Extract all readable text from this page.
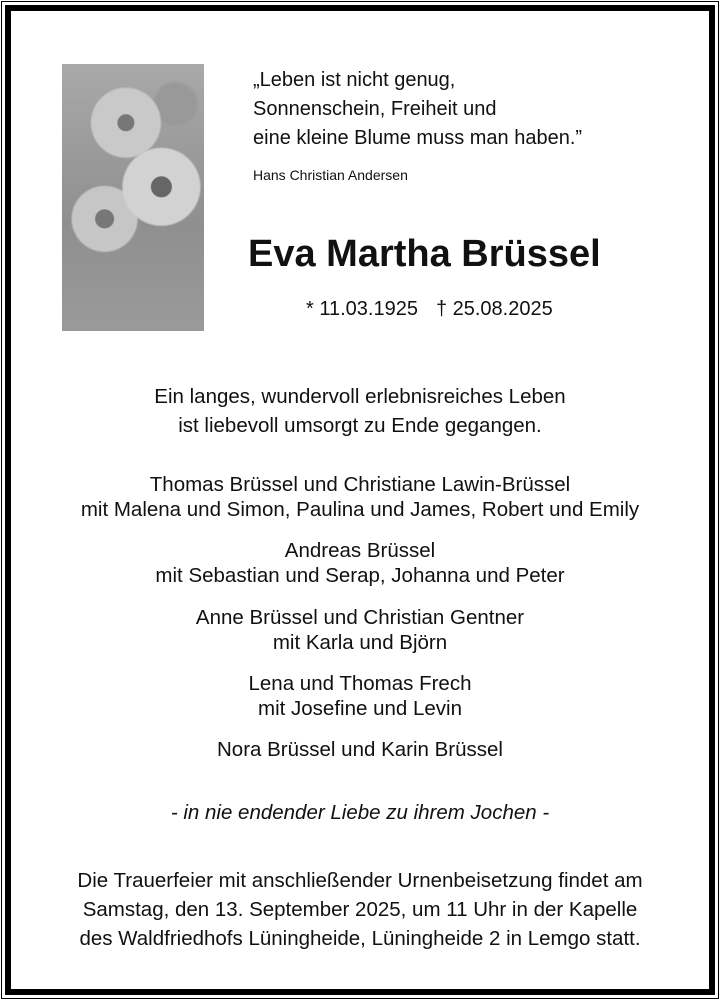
„Leben ist nicht genug,
Sonnenschein, Freiheit und
eine kleine Blume muss man haben.”
Hans Christian Andersen
Eva Martha Brüssel
* 11.03.1925 † 25.08.2025
Ein langes, wundervoll erlebnisreiches Leben
ist liebevoll umsorgt zu Ende gegangen.
Thomas Brüssel und Christiane Lawin-Brüssel
mit Malena und Simon, Paulina und James, Robert und Emily
Andreas Brüssel
mit Sebastian und Serap, Johanna und Peter
Anne Brüssel und Christian Gentner
mit Karla und Björn
Lena und Thomas Frech
mit Josefine und Levin
Nora Brüssel und Karin Brüssel
- in nie endender Liebe zu ihrem Jochen -
Die Trauerfeier mit anschließender Urnenbeisetzung findet am
Samstag, den 13. September 2025, um 11 Uhr in der Kapelle
des Waldfriedhofs Lüningheide, Lüningheide 2 in Lemgo statt.
